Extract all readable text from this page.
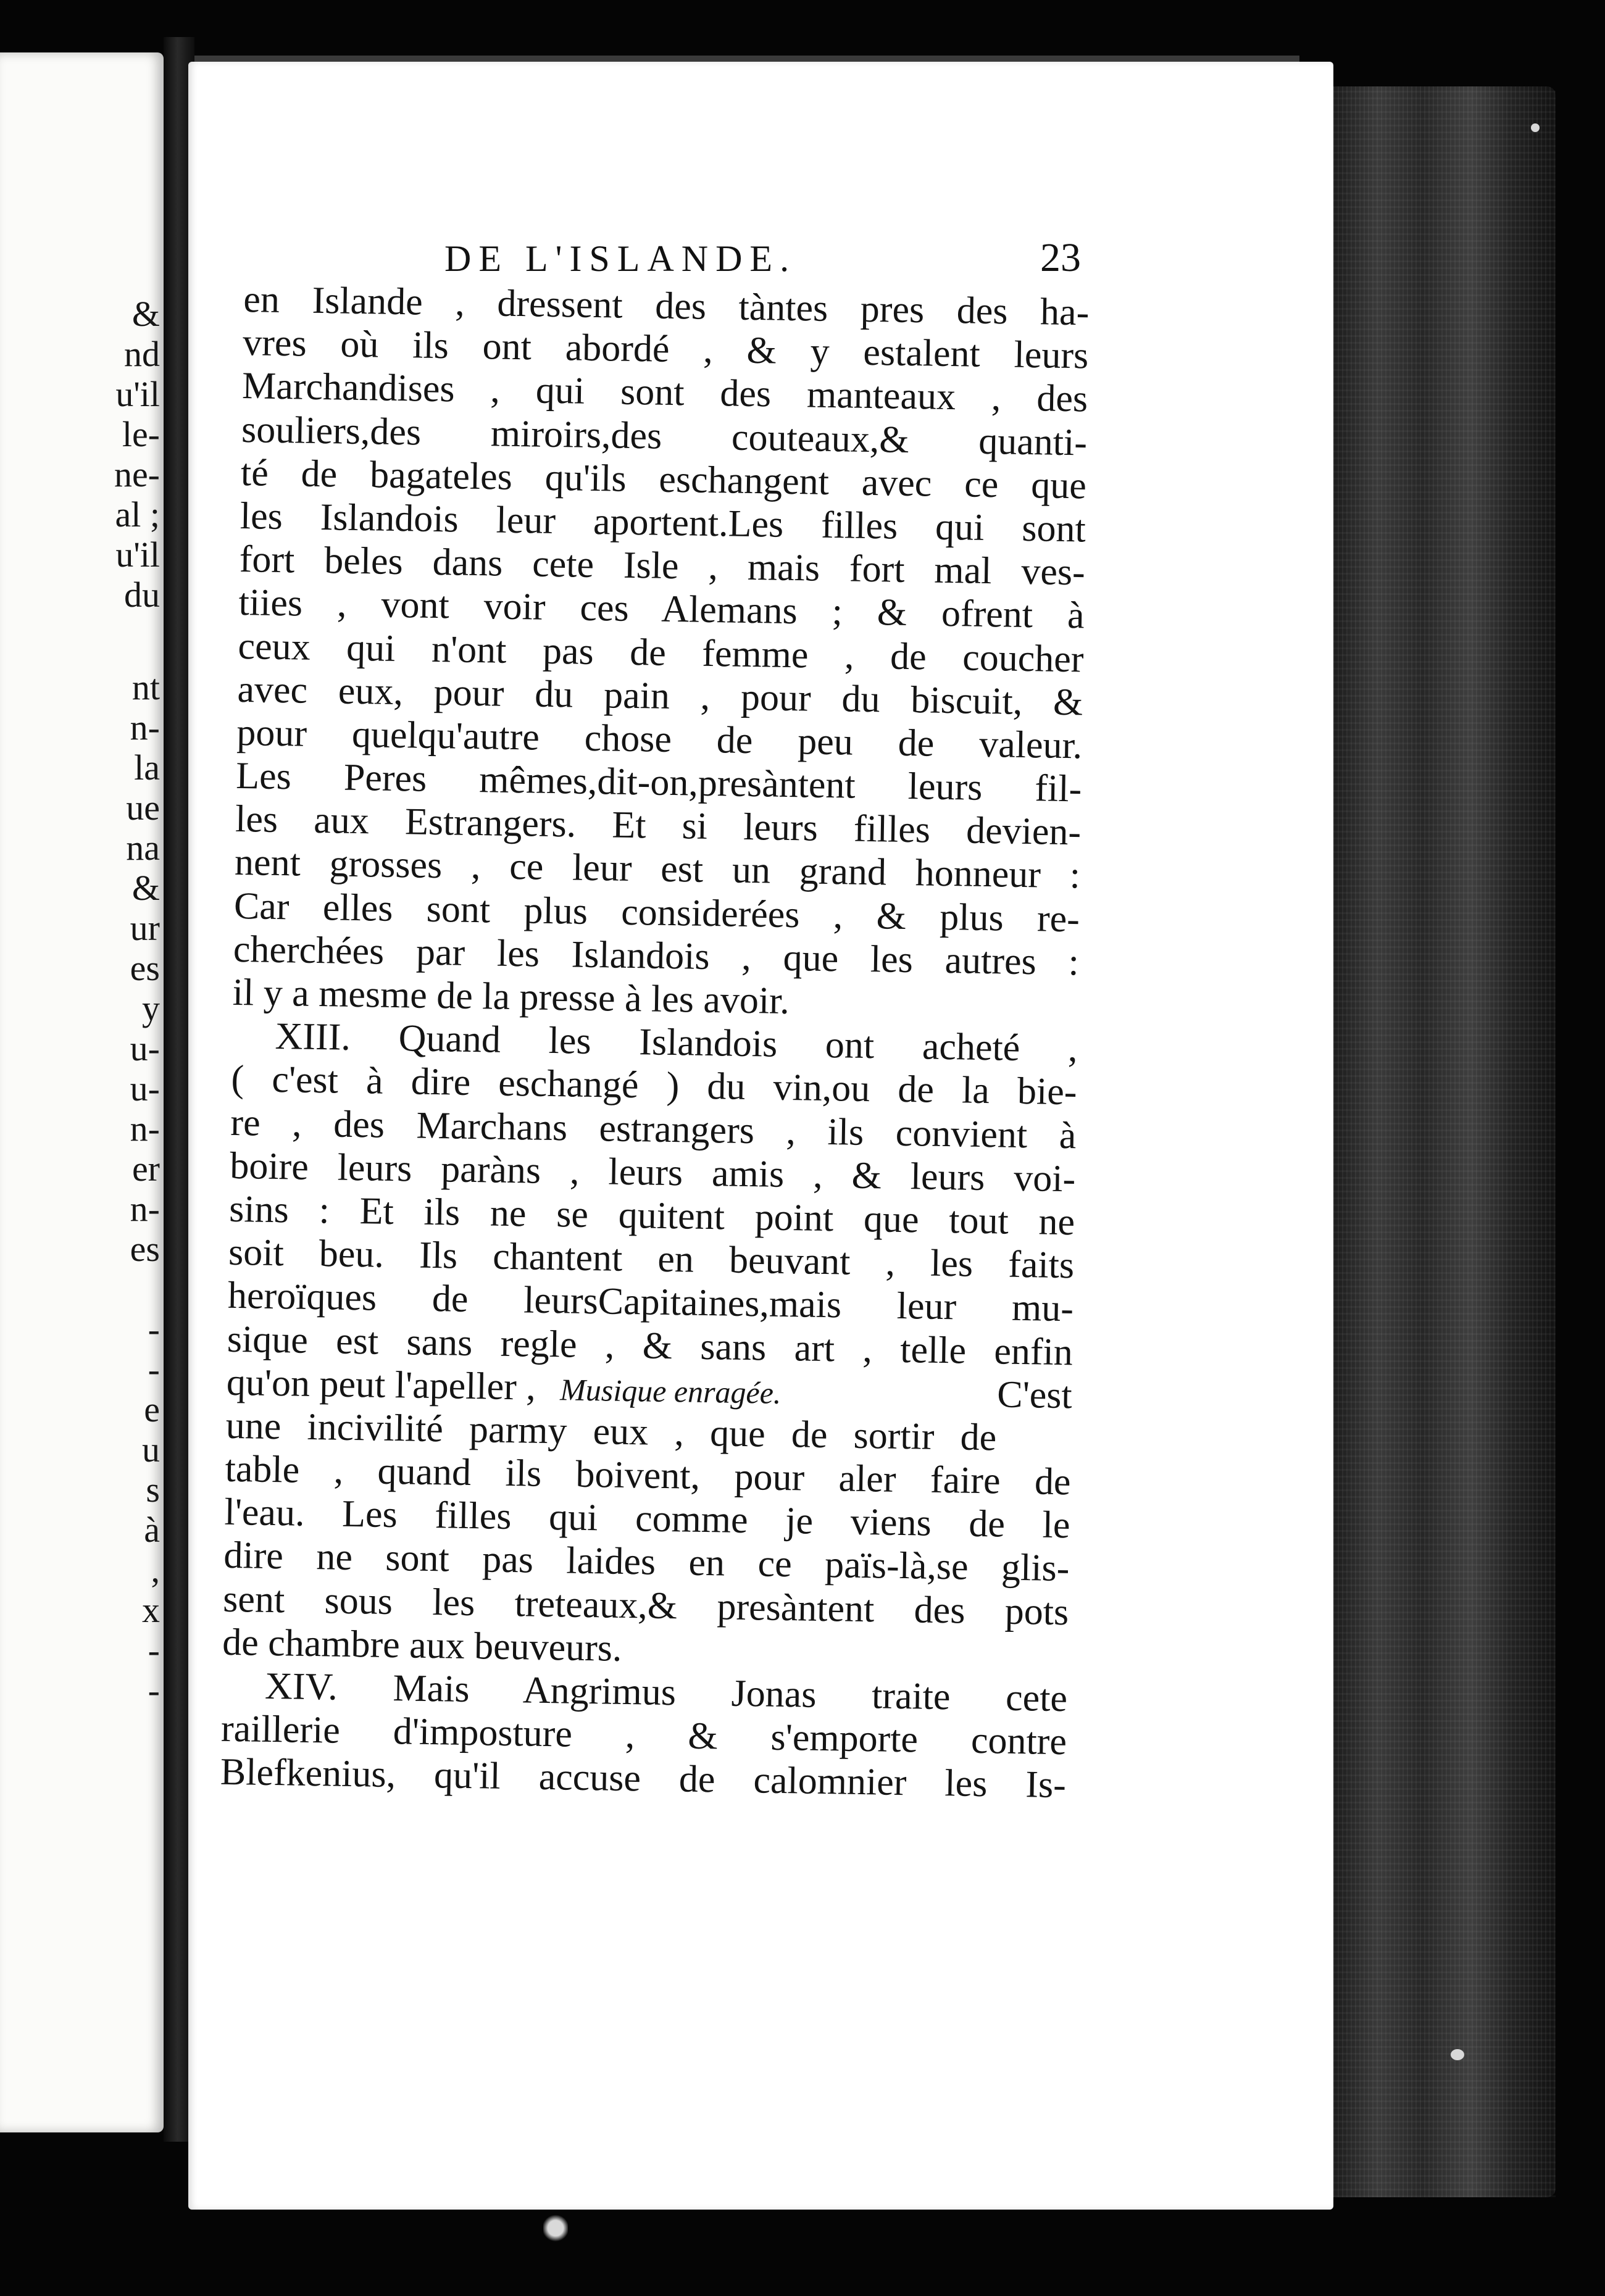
&
nd
u'il
le-
ne-
al ;
u'il
du
nt
n-
la
ue
na
&
ur
es
y
u-
u-
n-
er
n-
es
-
-
e
u
s
à
,
x
-
-
DE L'ISLANDE.	23
en Islande , dressent des tàntes pres des ha-
vres où ils ont abordé , & y estalent leurs
Marchandises , qui sont des manteaux , des
souliers,des miroirs,des couteaux,& quanti-
té de bagateles qu'ils eschangent avec ce que
les Islandois leur aportent.Les filles qui sont
fort beles dans cete Isle , mais fort mal ves-
tiies , vont voir ces Alemans ; & ofrent à
ceux qui n'ont pas de femme , de coucher
avec eux, pour du pain , pour du biscuit, &
pour quelqu'autre chose de peu de valeur.
Les Peres mêmes,dit-on,presàntent leurs fil-
les aux Estrangers. Et si leurs filles devien-
nent grosses , ce leur est un grand honneur :
Car elles sont plus considerées , & plus re-
cherchées par les Islandois , que les autres :
il y a mesme de la presse à les avoir.
XIII. Quand les Islandois ont acheté ,
( c'est à dire eschangé ) du vin,ou de la bie-
re , des Marchans estrangers , ils convient à
boire leurs paràns , leurs amis , & leurs voi-
sins : Et ils ne se quitent point que tout ne
soit beu. Ils chantent en beuvant , les faits
heroïques de leursCapitaines,mais leur mu-
sique est sans regle , & sans art , telle enfin
qu'on peut l'apeller , Musique enragée.	C'est
une incivilité parmy eux , que de sortir de
table , quand ils boivent, pour aler faire de
l'eau. Les filles qui comme je viens de le
dire ne sont pas laides en ce païs-là,se glis-
sent sous les treteaux,& presàntent des pots
de chambre aux beuveurs.
XIV. Mais Angrimus Jonas traite cete
raillerie d'imposture , & s'emporte contre
Blefkenius, qu'il accuse de calomnier les Is-
